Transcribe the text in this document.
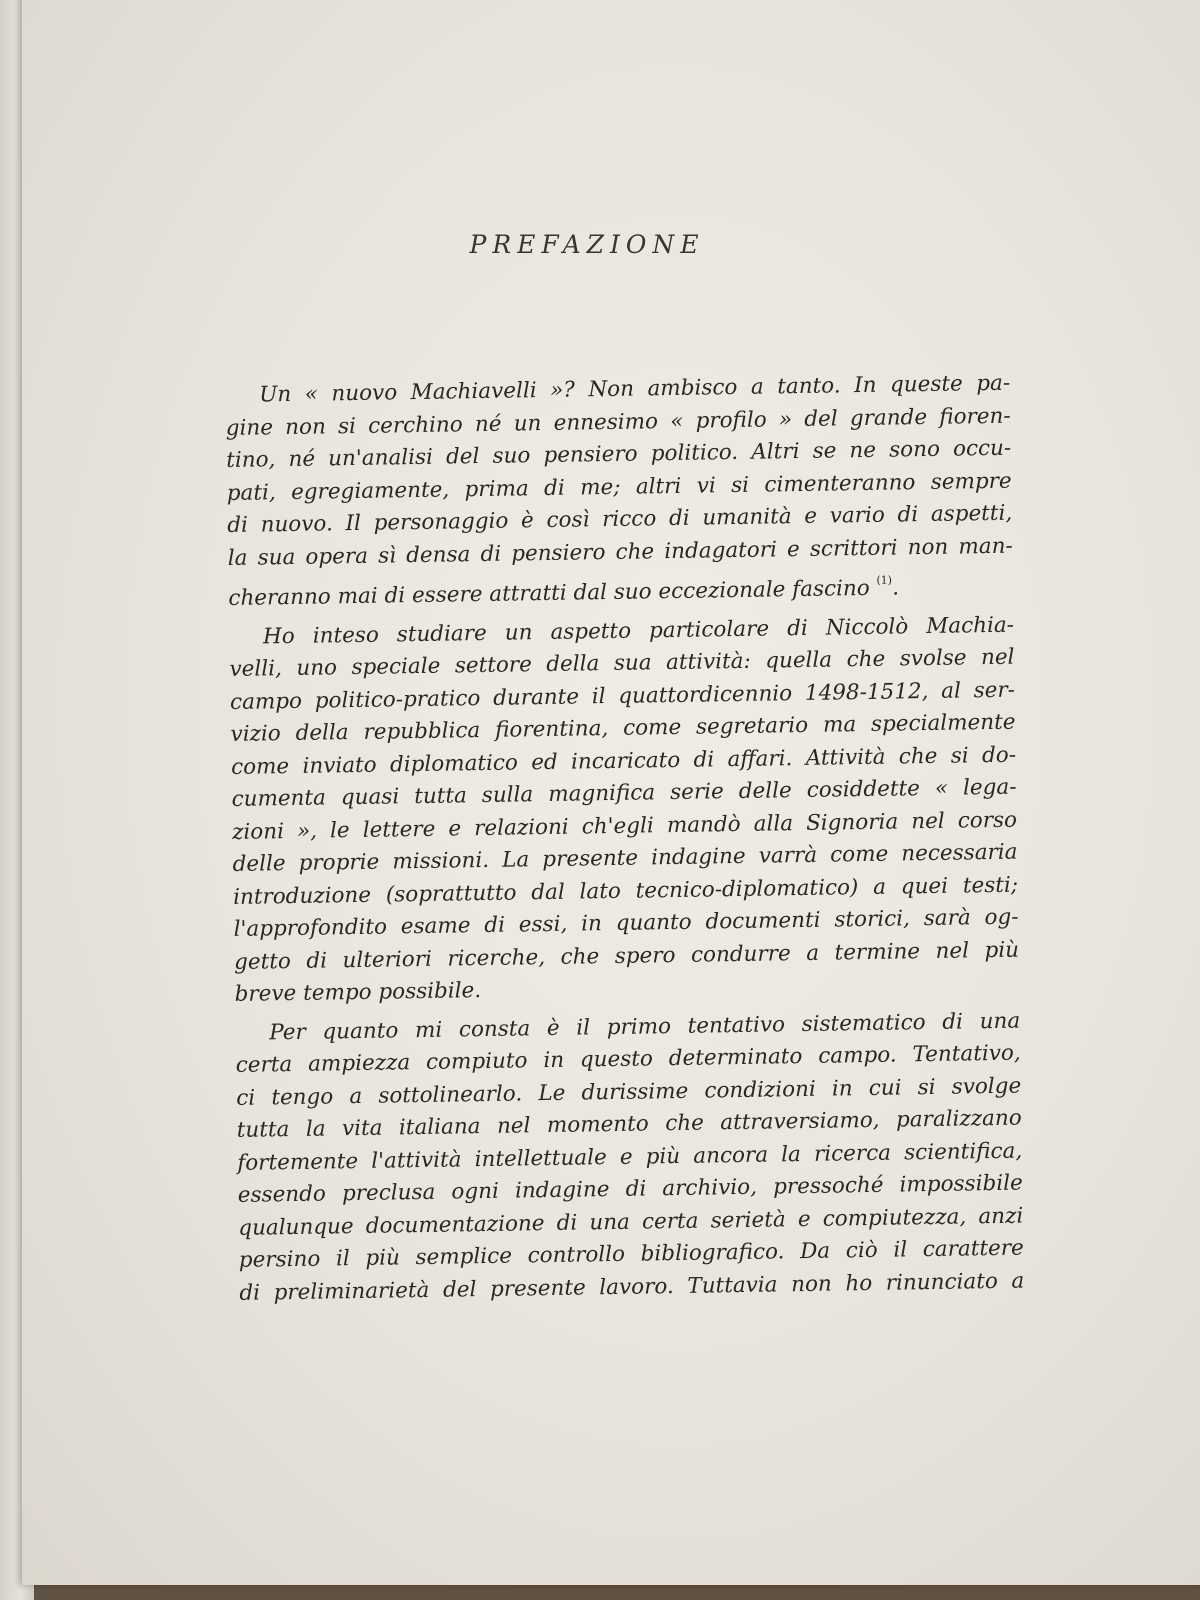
PREFAZIONE
Un « nuovo Machiavelli »? Non ambisco a tanto. In queste pa-
gine non si cerchino né un ennesimo « profilo » del grande fioren-
tino, né un'analisi del suo pensiero politico. Altri se ne sono occu-
pati, egregiamente, prima di me; altri vi si cimenteranno sempre
di nuovo. Il personaggio è così ricco di umanità e vario di aspetti,
la sua opera sì densa di pensiero che indagatori e scrittori non man-
cheranno mai di essere attratti dal suo eccezionale fascino $^{(1)}$.
Ho inteso studiare un aspetto particolare di Niccolò Machia-
velli, uno speciale settore della sua attività: quella che svolse nel
campo politico-pratico durante il quattordicennio 1498-1512, al ser-
vizio della repubblica fiorentina, come segretario ma specialmente
come inviato diplomatico ed incaricato di affari. Attività che si do-
cumenta quasi tutta sulla magnifica serie delle cosiddette « lega-
zioni », le lettere e relazioni ch'egli mandò alla Signoria nel corso
delle proprie missioni. La presente indagine varrà come necessaria
introduzione (soprattutto dal lato tecnico-diplomatico) a quei testi;
l'approfondito esame di essi, in quanto documenti storici, sarà og-
getto di ulteriori ricerche, che spero condurre a termine nel più
breve tempo possibile.
Per quanto mi consta è il primo tentativo sistematico di una
certa ampiezza compiuto in questo determinato campo. Tentativo,
ci tengo a sottolinearlo. Le durissime condizioni in cui si svolge
tutta la vita italiana nel momento che attraversiamo, paralizzano
fortemente l'attività intellettuale e più ancora la ricerca scientifica,
essendo preclusa ogni indagine di archivio, pressoché impossibile
qualunque documentazione di una certa serietà e compiutezza, anzi
persino il più semplice controllo bibliografico. Da ciò il carattere
di preliminarietà del presente lavoro. Tuttavia non ho rinunciato a
